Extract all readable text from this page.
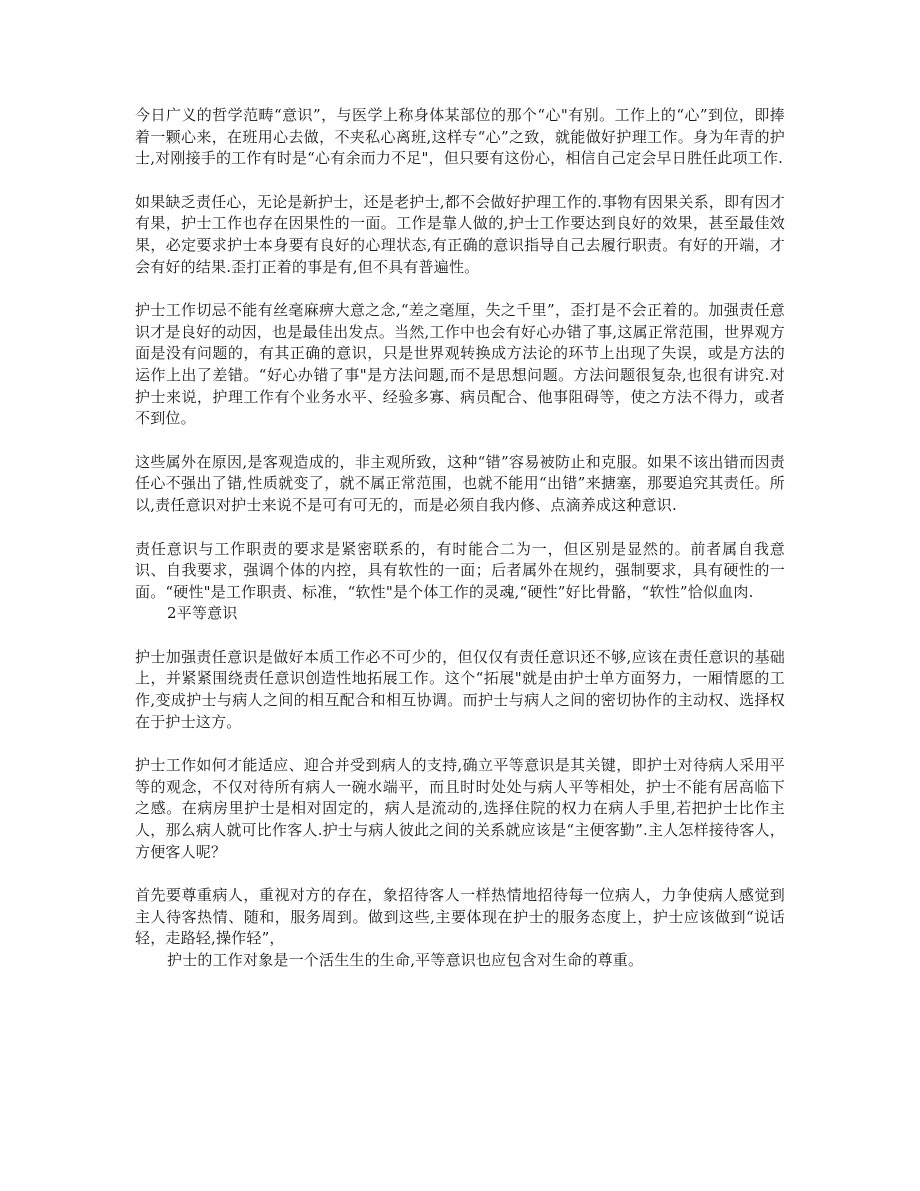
今日广义的哲学范畴“意识”，与医学上称身体某部位的那个“心"有别。工作上的“心”到位，即捧着一颗心来，在班用心去做，不夹私心离班,这样专“心”之致，就能做好护理工作。身为年青的护士,对刚接手的工作有时是“心有余而力不足"，但只要有这份心，相信自己定会早日胜任此项工作.

如果缺乏责任心，无论是新护士，还是老护士,都不会做好护理工作的.事物有因果关系，即有因才有果，护士工作也存在因果性的一面。工作是靠人做的,护士工作要达到良好的效果，甚至最佳效果，必定要求护士本身要有良好的心理状态,有正确的意识指导自己去履行职责。有好的开端，才会有好的结果.歪打正着的事是有,但不具有普遍性。

护士工作切忌不能有丝毫麻痹大意之念,“差之毫厘，失之千里”，歪打是不会正着的。加强责任意识才是良好的动因，也是最佳出发点。当然,工作中也会有好心办错了事,这属正常范围，世界观方面是没有问题的，有其正确的意识，只是世界观转换成方法论的环节上出现了失误，或是方法的运作上出了差错。“好心办错了事"是方法问题,而不是思想问题。方法问题很复杂,也很有讲究.对护士来说，护理工作有个业务水平、经验多寡、病员配合、他事阻碍等，使之方法不得力，或者不到位。

这些属外在原因,是客观造成的，非主观所致，这种“错”容易被防止和克服。如果不该出错而因责任心不强出了错,性质就变了，就不属正常范围，也就不能用“出错”来搪塞，那要追究其责任。所以,责任意识对护士来说不是可有可无的，而是必须自我内修、点滴养成这种意识.

责任意识与工作职责的要求是紧密联系的，有时能合二为一，但区别是显然的。前者属自我意识、自我要求，强调个体的内控，具有软性的一面；后者属外在规约，强制要求，具有硬性的一面。“硬性"是工作职责、标准，“软性"是个体工作的灵魂,“硬性”好比骨骼，“软性”恰似血肉.

2平等意识

护士加强责任意识是做好本质工作必不可少的，但仅仅有责任意识还不够,应该在责任意识的基础上，并紧紧围绕责任意识创造性地拓展工作。这个“拓展"就是由护士单方面努力，一厢情愿的工作,变成护士与病人之间的相互配合和相互协调。而护士与病人之间的密切协作的主动权、选择权在于护士这方。

护士工作如何才能适应、迎合并受到病人的支持,确立平等意识是其关键，即护士对待病人采用平等的观念，不仅对待所有病人一碗水端平，而且时时处处与病人平等相处，护士不能有居高临下之感。在病房里护士是相对固定的，病人是流动的,选择住院的权力在病人手里,若把护士比作主人，那么病人就可比作客人.护士与病人彼此之间的关系就应该是“主便客勤”.主人怎样接待客人，方便客人呢？

首先要尊重病人，重视对方的存在，象招待客人一样热情地招待每一位病人，力争使病人感觉到主人待客热情、随和，服务周到。做到这些,主要体现在护士的服务态度上，护士应该做到“说话轻，走路轻,操作轻”，

护士的工作对象是一个活生生的生命,平等意识也应包含对生命的尊重。
